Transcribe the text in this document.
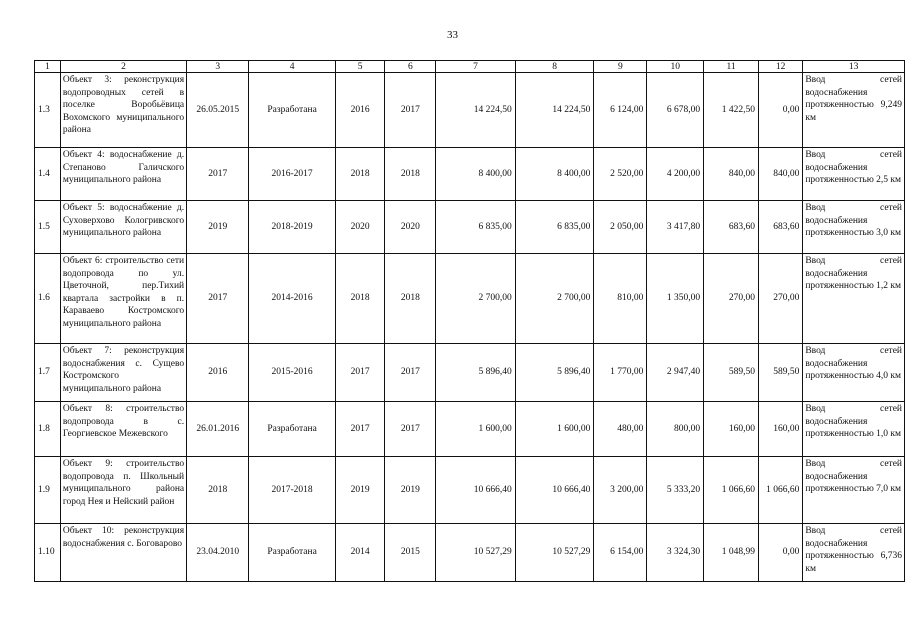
33
1	2	3	4	5	6	7	8	9	10	11	12	13
1.3	Объект 3: реконструкция водопроводных сетей в поселке Воробьёвица Вохомского муниципального района	26.05.2015	Разработана	2016	2017	14 224,50	14 224,50	6 124,00	6 678,00	1 422,50	0,00	Ввод сетей водоснабжения протяженностью 9,249 км
1.4	Объект 4: водоснабжение д. Степаново Галичского муниципального района	2017	2016-2017	2018	2018	8 400,00	8 400,00	2 520,00	4 200,00	840,00	840,00	Ввод сетей водоснабжения протяженностью 2,5 км
1.5	Объект 5: водоснабжение д. Суховерхово Кологривского муниципального района	2019	2018-2019	2020	2020	6 835,00	6 835,00	2 050,00	3 417,80	683,60	683,60	Ввод сетей водоснабжения протяженностью 3,0 км
1.6	Объект 6: строительство сети водопровода по ул. Цветочной, пер.Тихий квартала застройки в п. Караваево Костромского муниципального района	2017	2014-2016	2018	2018	2 700,00	2 700,00	810,00	1 350,00	270,00	270,00	Ввод сетей водоснабжения протяженностью 1,2 км
1.7	Объект 7: реконструкция водоснабжения с. Сущево Костромского муниципального района	2016	2015-2016	2017	2017	5 896,40	5 896,40	1 770,00	2 947,40	589,50	589,50	Ввод сетей водоснабжения протяженностью 4,0 км
1.8	Объект 8: строительство водопровода в с. Георгиевское Межевского	26.01.2016	Разработана	2017	2017	1 600,00	1 600,00	480,00	800,00	160,00	160,00	Ввод сетей водоснабжения протяженностью 1,0 км
1.9	Объект 9: строительство водопровода п. Школьный муниципального района город Нея и Нейский район	2018	2017-2018	2019	2019	10 666,40	10 666,40	3 200,00	5 333,20	1 066,60	1 066,60	Ввод сетей водоснабжения протяженностью 7,0 км
1.10	Объект 10: реконструкция водоснабжения с. Боговарово	23.04.2010	Разработана	2014	2015	10 527,29	10 527,29	6 154,00	3 324,30	1 048,99	0,00	Ввод сетей водоснабжения протяженностью 6,736 км
